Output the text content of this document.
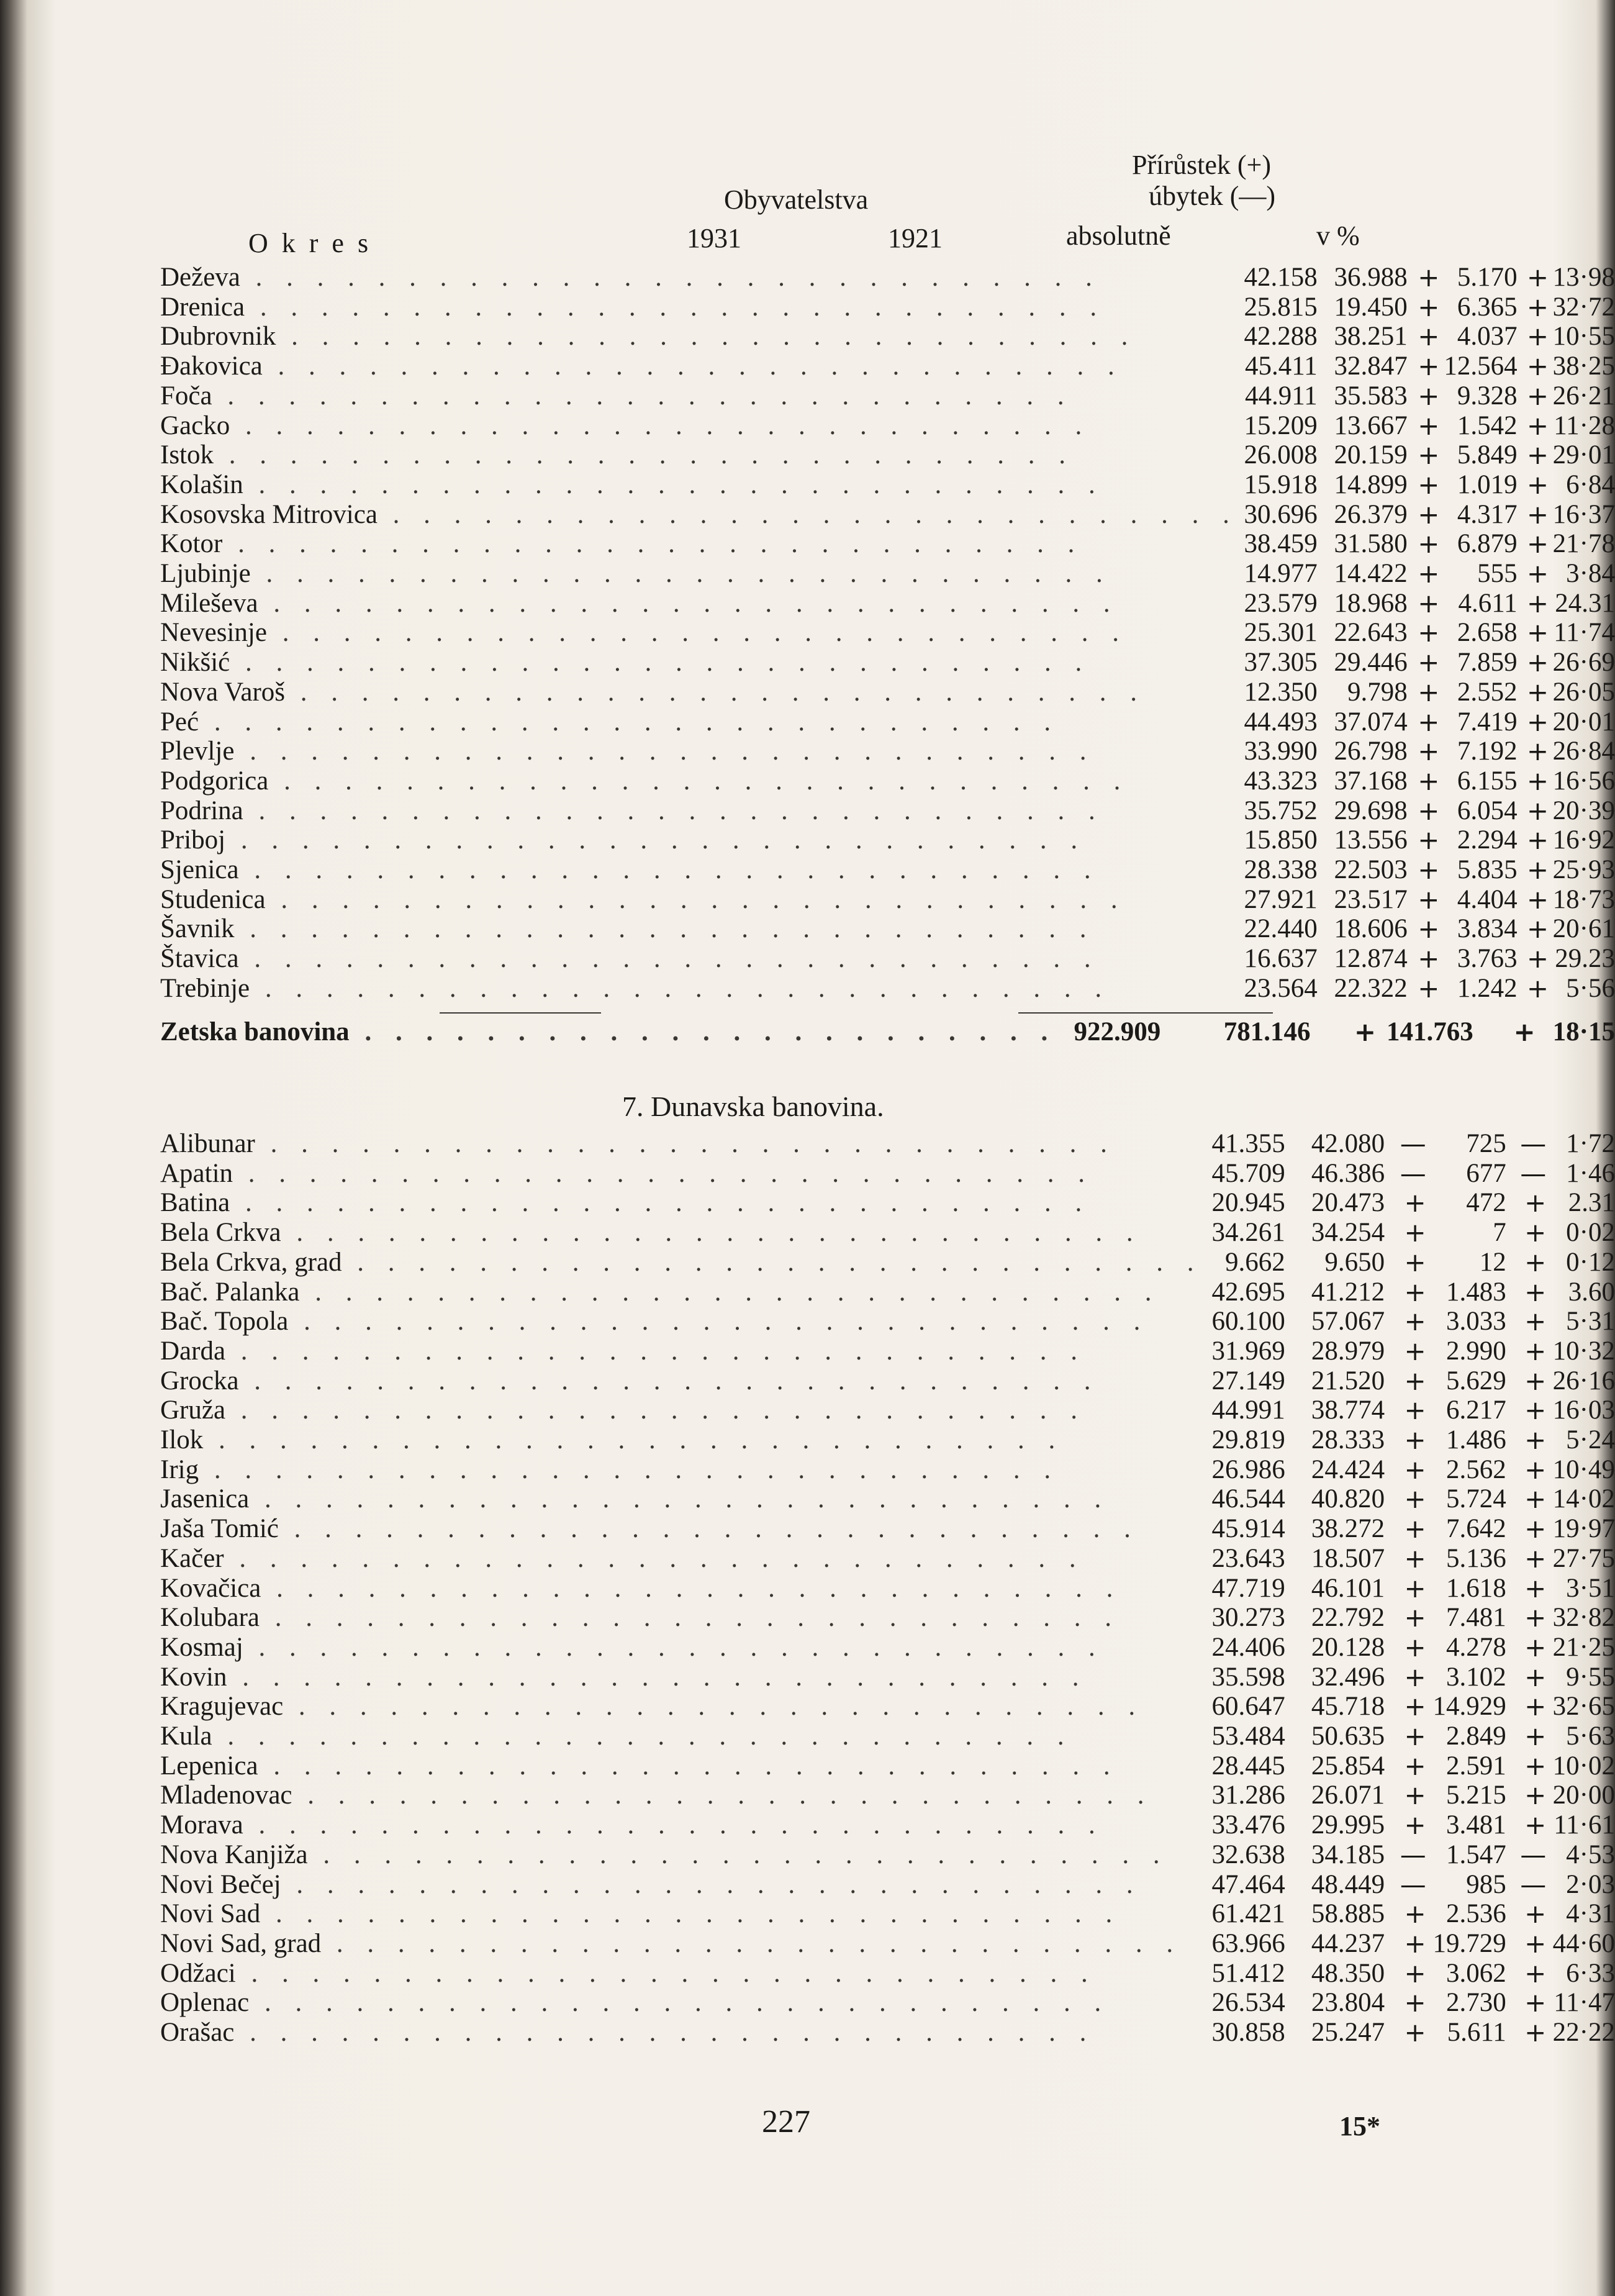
Přírůstek (+)
Obyvatelstva	úbytek (—)
Okres	1931	1921	absolutně	v %
Deževa . . . . . . . . . . . . . . . . . . . . . . . . . . . .	42.158	36.988	+	5.170	+	13·98
Drenica . . . . . . . . . . . . . . . . . . . . . . . . . . . .	25.815	19.450	+	6.365	+	32·72
Dubrovnik . . . . . . . . . . . . . . . . . . . . . . . . . . . .	42.288	38.251	+	4.037	+	10·55
Đakovica . . . . . . . . . . . . . . . . . . . . . . . . . . . .	45.411	32.847	+	12.564	+	38·25
Foča . . . . . . . . . . . . . . . . . . . . . . . . . . . .	44.911	35.583	+	9.328	+	26·21
Gacko . . . . . . . . . . . . . . . . . . . . . . . . . . . .	15.209	13.667	+	1.542	+	11·28
Istok . . . . . . . . . . . . . . . . . . . . . . . . . . . .	26.008	20.159	+	5.849	+	29·01
Kolašin . . . . . . . . . . . . . . . . . . . . . . . . . . . .	15.918	14.899	+	1.019	+	6·84
Kosovska Mitrovica . . . . . . . . . . . . . . . . . . . . . . . . . . . .	30.696	26.379	+	4.317	+	16·37
Kotor . . . . . . . . . . . . . . . . . . . . . . . . . . . .	38.459	31.580	+	6.879	+	21·78
Ljubinje . . . . . . . . . . . . . . . . . . . . . . . . . . . .	14.977	14.422	+	555	+	3·84
Mileševa . . . . . . . . . . . . . . . . . . . . . . . . . . . .	23.579	18.968	+	4.611	+	24.31
Nevesinje . . . . . . . . . . . . . . . . . . . . . . . . . . . .	25.301	22.643	+	2.658	+	11·74
Nikšić . . . . . . . . . . . . . . . . . . . . . . . . . . . .	37.305	29.446	+	7.859	+	26·69
Nova Varoš . . . . . . . . . . . . . . . . . . . . . . . . . . . .	12.350	9.798	+	2.552	+	26·05
Peć . . . . . . . . . . . . . . . . . . . . . . . . . . . .	44.493	37.074	+	7.419	+	20·01
Plevlje . . . . . . . . . . . . . . . . . . . . . . . . . . . .	33.990	26.798	+	7.192	+	26·84
Podgorica . . . . . . . . . . . . . . . . . . . . . . . . . . . .	43.323	37.168	+	6.155	+	16·56
Podrina . . . . . . . . . . . . . . . . . . . . . . . . . . . .	35.752	29.698	+	6.054	+	20·39
Priboj . . . . . . . . . . . . . . . . . . . . . . . . . . . .	15.850	13.556	+	2.294	+	16·92
Sjenica . . . . . . . . . . . . . . . . . . . . . . . . . . . .	28.338	22.503	+	5.835	+	25·93
Studenica . . . . . . . . . . . . . . . . . . . . . . . . . . . .	27.921	23.517	+	4.404	+	18·73
Šavnik . . . . . . . . . . . . . . . . . . . . . . . . . . . .	22.440	18.606	+	3.834	+	20·61
Štavica . . . . . . . . . . . . . . . . . . . . . . . . . . . .	16.637	12.874	+	3.763	+	29.23
Trebinje . . . . . . . . . . . . . . . . . . . . . . . . . . . .	23.564	22.322	+	1.242	+	5·56
Zetska banovina . . . . . . . . . . . . . . . . . . . . . . .	922.909	781.146	+	141.763	+	18·15
7. Dunavska banovina.
Alibunar . . . . . . . . . . . . . . . . . . . . . . . . . . . .	41.355	42.080	—	725	—	1·72
Apatin . . . . . . . . . . . . . . . . . . . . . . . . . . . .	45.709	46.386	—	677	—	1·46
Batina . . . . . . . . . . . . . . . . . . . . . . . . . . . .	20.945	20.473	+	472	+	2.31
Bela Crkva . . . . . . . . . . . . . . . . . . . . . . . . . . . .	34.261	34.254	+	7	+	0·02
Bela Crkva, grad . . . . . . . . . . . . . . . . . . . . . . . . . . . .	9.662	9.650	+	12	+	0·12
Bač. Palanka . . . . . . . . . . . . . . . . . . . . . . . . . . . .	42.695	41.212	+	1.483	+	3.60
Bač. Topola . . . . . . . . . . . . . . . . . . . . . . . . . . . .	60.100	57.067	+	3.033	+	5·31
Darda . . . . . . . . . . . . . . . . . . . . . . . . . . . .	31.969	28.979	+	2.990	+	10·32
Grocka . . . . . . . . . . . . . . . . . . . . . . . . . . . .	27.149	21.520	+	5.629	+	26·16
Gruža . . . . . . . . . . . . . . . . . . . . . . . . . . . .	44.991	38.774	+	6.217	+	16·03
Ilok . . . . . . . . . . . . . . . . . . . . . . . . . . . .	29.819	28.333	+	1.486	+	5·24
Irig . . . . . . . . . . . . . . . . . . . . . . . . . . . .	26.986	24.424	+	2.562	+	10·49
Jasenica . . . . . . . . . . . . . . . . . . . . . . . . . . . .	46.544	40.820	+	5.724	+	14·02
Jaša Tomić . . . . . . . . . . . . . . . . . . . . . . . . . . . .	45.914	38.272	+	7.642	+	19·97
Kačer . . . . . . . . . . . . . . . . . . . . . . . . . . . .	23.643	18.507	+	5.136	+	27·75
Kovačica . . . . . . . . . . . . . . . . . . . . . . . . . . . .	47.719	46.101	+	1.618	+	3·51
Kolubara . . . . . . . . . . . . . . . . . . . . . . . . . . . .	30.273	22.792	+	7.481	+	32·82
Kosmaj . . . . . . . . . . . . . . . . . . . . . . . . . . . .	24.406	20.128	+	4.278	+	21·25
Kovin . . . . . . . . . . . . . . . . . . . . . . . . . . . .	35.598	32.496	+	3.102	+	9·55
Kragujevac . . . . . . . . . . . . . . . . . . . . . . . . . . . .	60.647	45.718	+	14.929	+	32·65
Kula . . . . . . . . . . . . . . . . . . . . . . . . . . . .	53.484	50.635	+	2.849	+	5·63
Lepenica . . . . . . . . . . . . . . . . . . . . . . . . . . . .	28.445	25.854	+	2.591	+	10·02
Mladenovac . . . . . . . . . . . . . . . . . . . . . . . . . . . .	31.286	26.071	+	5.215	+	20·00
Morava . . . . . . . . . . . . . . . . . . . . . . . . . . . .	33.476	29.995	+	3.481	+	11·61
Nova Kanjiža . . . . . . . . . . . . . . . . . . . . . . . . . . . .	32.638	34.185	—	1.547	—	4·53
Novi Bečej . . . . . . . . . . . . . . . . . . . . . . . . . . . .	47.464	48.449	—	985	—	2·03
Novi Sad . . . . . . . . . . . . . . . . . . . . . . . . . . . .	61.421	58.885	+	2.536	+	4·31
Novi Sad, grad . . . . . . . . . . . . . . . . . . . . . . . . . . . .	63.966	44.237	+	19.729	+	44·60
Odžaci . . . . . . . . . . . . . . . . . . . . . . . . . . . .	51.412	48.350	+	3.062	+	6·33
Oplenac . . . . . . . . . . . . . . . . . . . . . . . . . . . .	26.534	23.804	+	2.730	+	11·47
Orašac . . . . . . . . . . . . . . . . . . . . . . . . . . . .	30.858	25.247	+	5.611	+	22·22
227	15*
